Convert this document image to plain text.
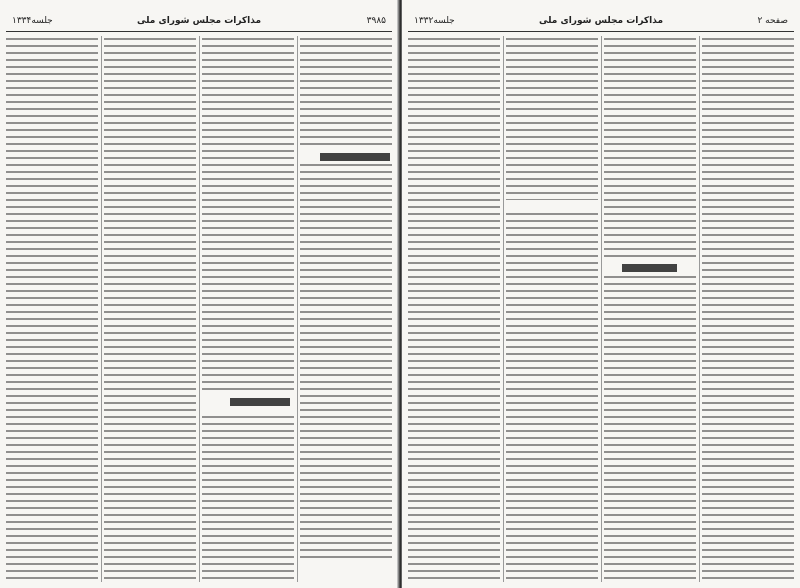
۳۹۸۵
مذاکرات مجلس شورای ملی
جلسه۱۳۳۴	صفحه ۲
مذاکرات مجلس شورای ملی
جلسه۱۳۳۲
